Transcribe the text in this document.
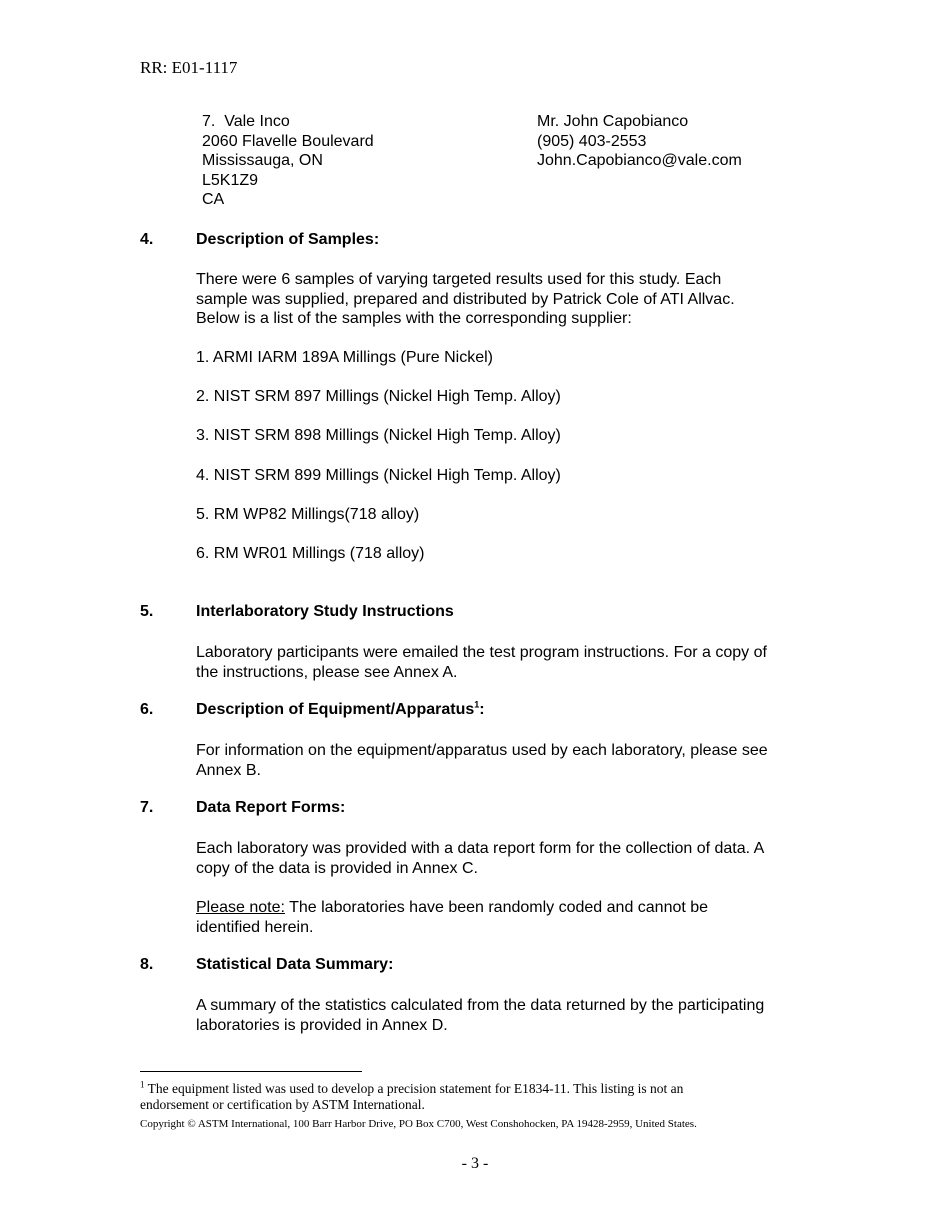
RR: E01-1117
7. Vale Inco
2060 Flavelle Boulevard
Mississauga, ON
L5K1Z9
CA
Mr. John Capobianco
(905) 403-2553
John.Capobianco@vale.com
4.	Description of Samples:
There were 6 samples of varying targeted results used for this study. Each
sample was supplied, prepared and distributed by Patrick Cole of ATI Allvac.
Below is a list of the samples with the corresponding supplier:
1. ARMI IARM 189A Millings (Pure Nickel)
2. NIST SRM 897 Millings (Nickel High Temp. Alloy)
3. NIST SRM 898 Millings (Nickel High Temp. Alloy)
4. NIST SRM 899 Millings (Nickel High Temp. Alloy)
5. RM WP82 Millings(718 alloy)
6. RM WR01 Millings (718 alloy)
5.	Interlaboratory Study Instructions
Laboratory participants were emailed the test program instructions. For a copy of
the instructions, please see Annex A.
6.	Description of Equipment/Apparatus$^1$:
For information on the equipment/apparatus used by each laboratory, please see
Annex B.
7.	Data Report Forms:
Each laboratory was provided with a data report form for the collection of data. A
copy of the data is provided in Annex C.
Please note: The laboratories have been randomly coded and cannot be
identified herein.
8.	Statistical Data Summary:
A summary of the statistics calculated from the data returned by the participating
laboratories is provided in Annex D.
$^1$ The equipment listed was used to develop a precision statement for E1834-11. This listing is not an
endorsement or certification by ASTM International.
Copyright © ASTM International, 100 Barr Harbor Drive, PO Box C700, West Conshohocken, PA 19428-2959, United States.
- 3 -
